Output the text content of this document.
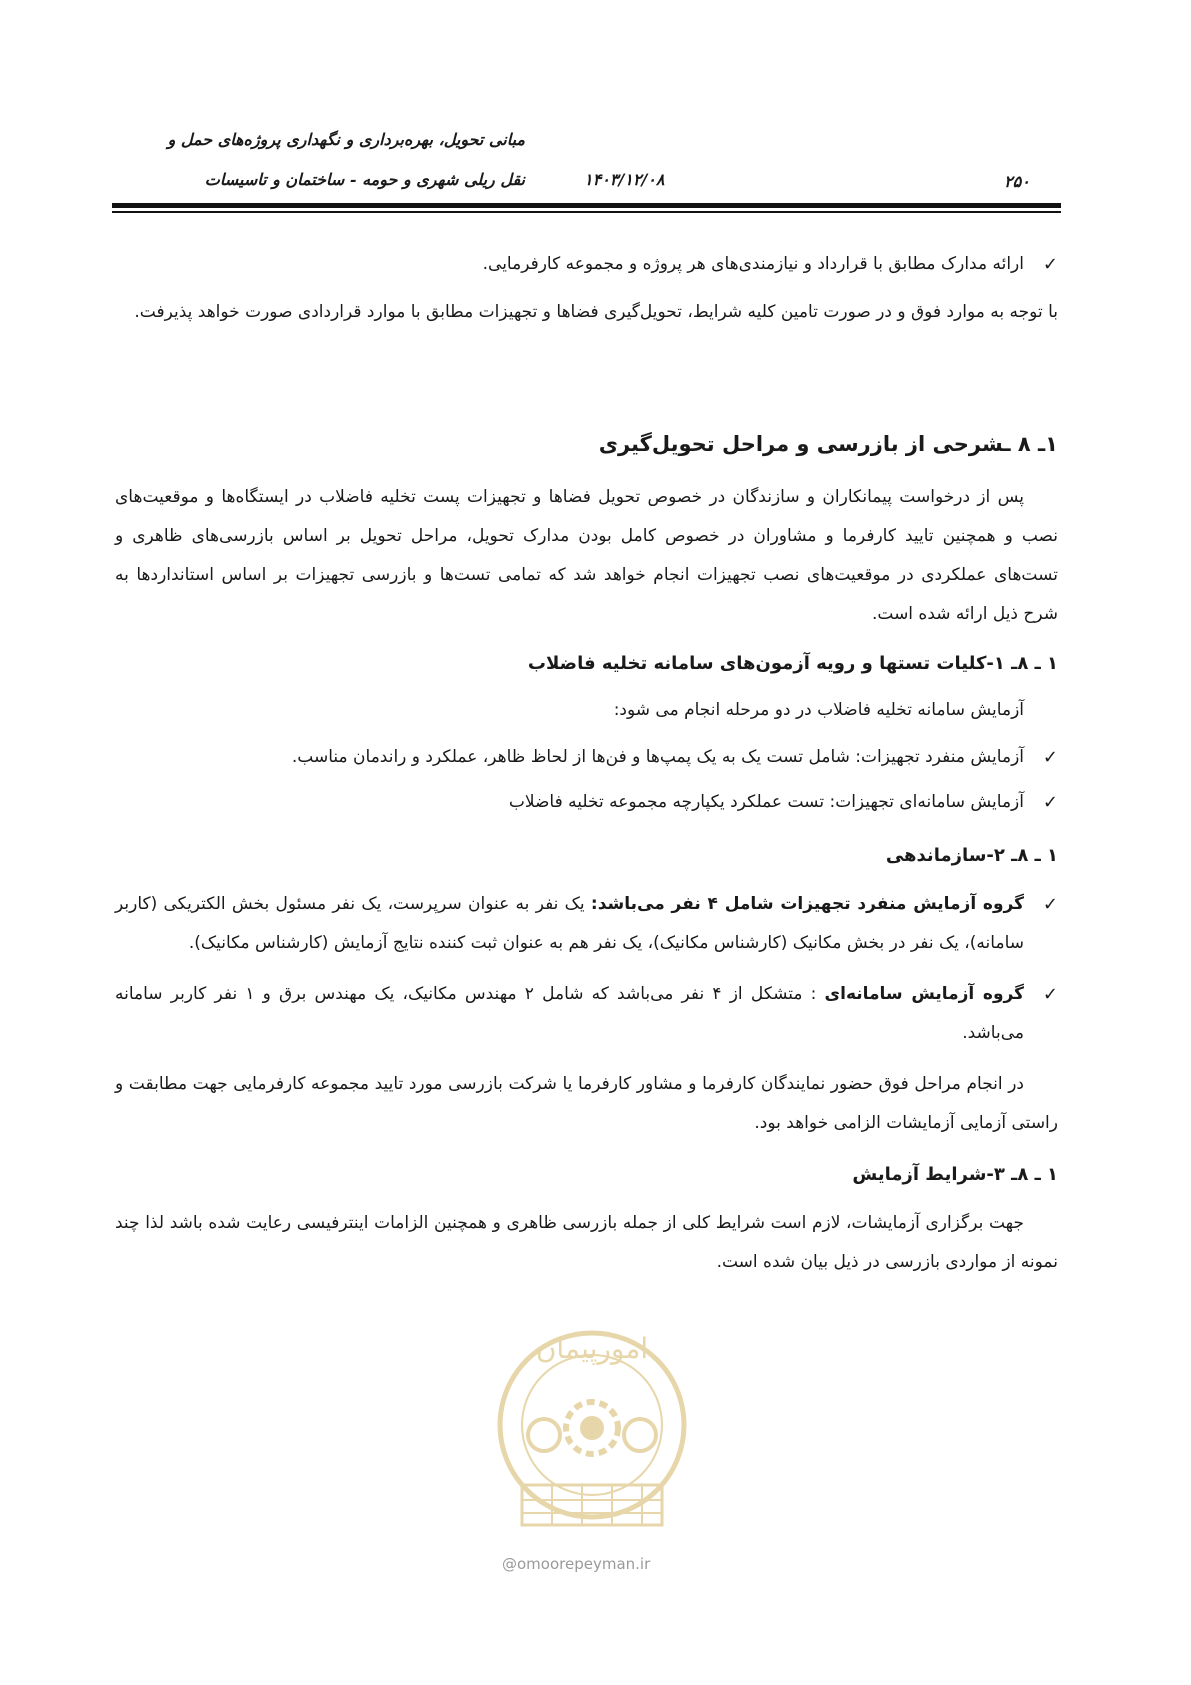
مبانی تحویل، بهره‌برداری و نگهداری پروژه‌های حمل و

نقل ریلی شهری و حومه - ساختمان و تاسیسات	۱۴۰۳/۱۲/۰۸	۲۵۰

✓
ارائه مدارک مطابق با قرارداد و نیازمندی‌های هر پروژه و مجموعه کارفرمایی.

با توجه به موارد فوق و در صورت تامین کلیه شرایط، تحویل‌گیری فضاها و تجهیزات مطابق با موارد قراردادی صورت خواهد پذیرفت.

۱ـ ۸ ـشرحی از بازرسی و مراحل تحویل‌گیری

پس از درخواست پیمانکاران و سازندگان در خصوص تحویل فضاها و تجهیزات پست تخلیه فاضلاب در ایستگاه‌ها و موقعیت‌های نصب و همچنین تایید کارفرما و مشاوران در خصوص کامل بودن مدارک تحویل، مراحل تحویل بر اساس بازرسی‌های ظاهری و تست‌های عملکردی در موقعیت‌های نصب تجهیزات انجام خواهد شد که تمامی تست‌ها و بازرسی تجهیزات بر اساس استانداردها به شرح ذیل ارائه شده است.

۱ ـ ۸ـ ۱-کلیات تستها و رویه آزمون‌های سامانه تخلیه فاضلاب

آزمایش سامانه تخلیه فاضلاب در دو مرحله انجام می شود:

✓
آزمایش منفرد تجهیزات: شامل تست یک به یک پمپ‌ها و فن‌ها از لحاظ ظاهر، عملکرد و راندمان مناسب.

✓
آزمایش سامانه‌ای تجهیزات: تست عملکرد یکپارچه مجموعه تخلیه فاضلاب

۱ ـ ۸ـ ۲-سازماندهی

✓
گروه آزمایش منفرد تجهیزات شامل ۴ نفر می‌باشد: یک نفر به عنوان سرپرست، یک نفر مسئول بخش الکتریکی (کاربر سامانه)، یک نفر در بخش مکانیک (کارشناس مکانیک)، یک نفر هم به عنوان ثبت کننده نتایج آزمایش (کارشناس مکانیک).

✓
گروه آزمایش سامانه‌ای : متشکل از ۴ نفر می‌باشد که شامل ۲ مهندس مکانیک، یک مهندس برق و ۱ نفر کاربر سامانه می‌باشد.

در انجام مراحل فوق حضور نمایندگان کارفرما و مشاور کارفرما یا شرکت بازرسی مورد تایید مجموعه کارفرمایی جهت مطابقت و راستی آزمایی آزمایشات الزامی خواهد بود.

۱ ـ ۸ـ ۳-شرایط آزمایش

جهت برگزاری آزمایشات، لازم است شرایط کلی از جمله بازرسی ظاهری و همچنین الزامات اینترفیسی رعایت شده باشد لذا چند نمونه از مواردی بازرسی در ذیل بیان شده است.

امورپیمان
@omoorepeyman.ir
